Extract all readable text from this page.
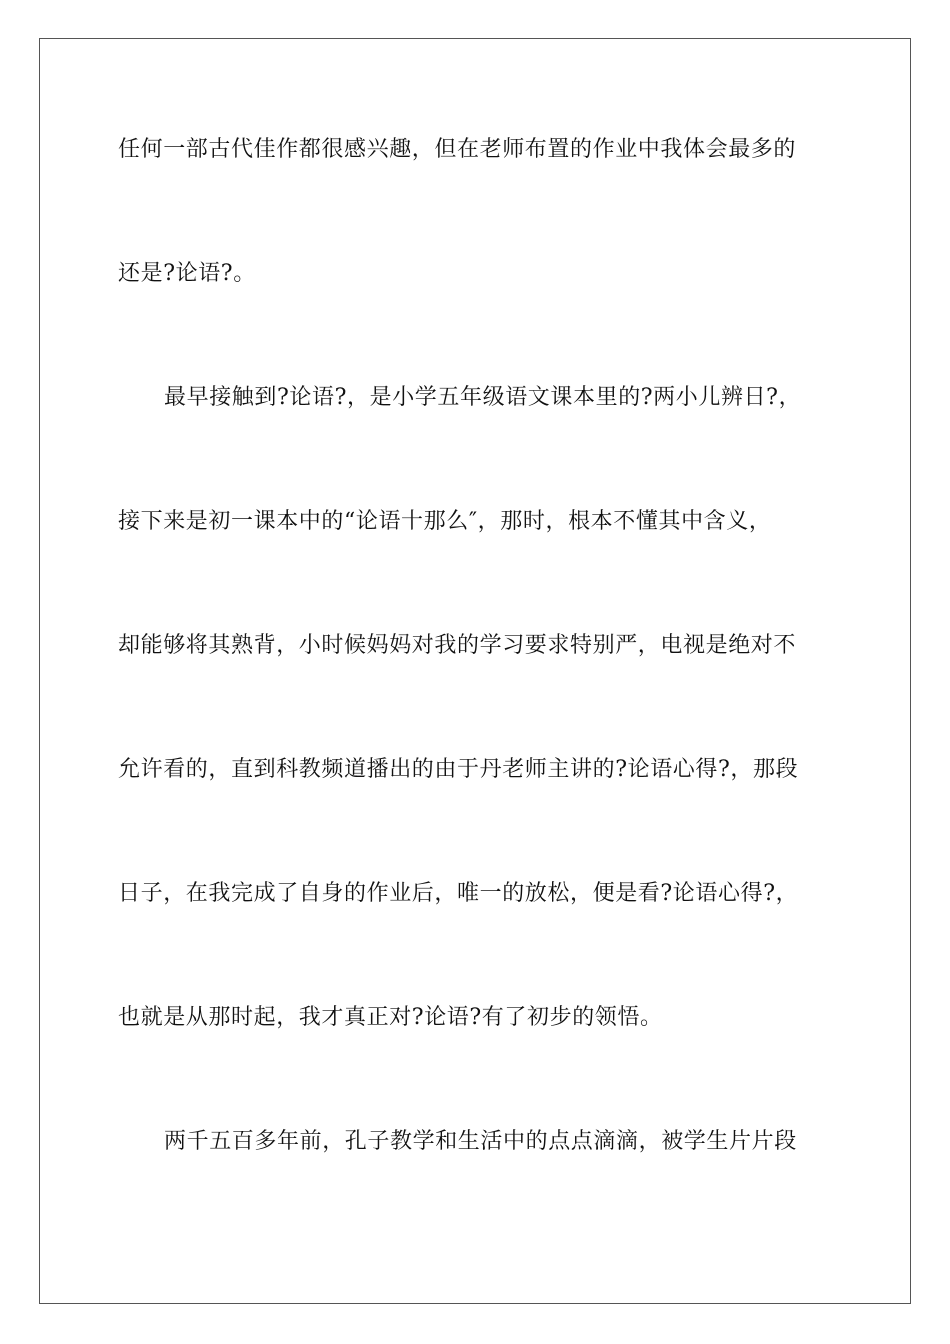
任何一部古代佳作都很感兴趣，但在老师布置的作业中我体会最多的

还是?论语?。

最早接触到?论语?，是小学五年级语文课本里的?两小儿辨日?，

接下来是初一课本中的“论语十那么″，那时，根本不懂其中含义，

却能够将其熟背，小时候妈妈对我的学习要求特别严，电视是绝对不

允许看的，直到科教频道播出的由于丹老师主讲的?论语心得?，那段

日子，在我完成了自身的作业后，唯一的放松，便是看?论语心得?，

也就是从那时起，我才真正对?论语?有了初步的领悟。

两千五百多年前，孔子教学和生活中的点点滴滴，被学生片片段
